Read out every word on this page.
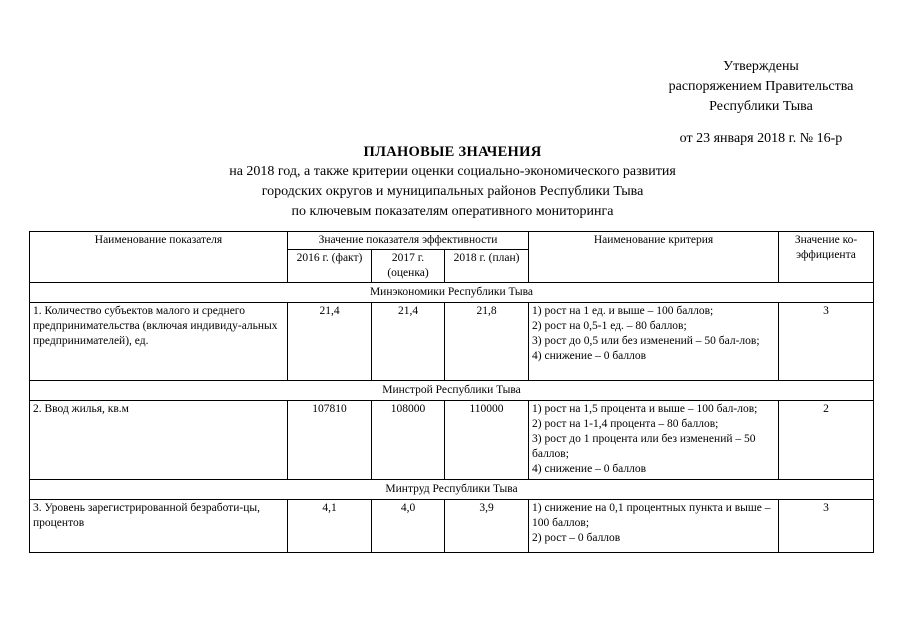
Утверждены
распоряжением Правительства
Республики Тыва
от 23 января 2018 г. № 16-р
ПЛАНОВЫЕ ЗНАЧЕНИЯ
на 2018 год, а также критерии оценки социально-экономического развития
городских округов и муниципальных районов Республики Тыва
по ключевым показателям оперативного мониторинга
Наименование показателя	Значение показателя эффективности			Наименование критерия	Значение ко-эффициента
	2016 г. (факт)	2017 г. (оценка)	2018 г. (план)		
Минэкономики Республики Тыва					
1. Количество субъектов малого и среднего предпринимательства (включая индивиду-альных предпринимателей), ед.	21,4	21,4	21,8	1) рост на 1 ед. и выше – 100 баллов;
2) рост на 0,5-1 ед. – 80 баллов;
3) рост до 0,5 или без изменений – 50 бал-лов;
4) снижение – 0 баллов	3
Минстрой Республики Тыва					
2. Ввод жилья, кв.м	107810	108000	110000	1) рост на 1,5 процента и выше – 100 бал-лов;
2) рост на 1-1,4 процента – 80 баллов;
3) рост до 1 процента или без изменений – 50 баллов;
4) снижение – 0 баллов	2
Минтруд Республики Тыва					
3. Уровень зарегистрированной безработи-цы, процентов	4,1	4,0	3,9	1) снижение на 0,1 процентных пункта и выше – 100 баллов;
2) рост – 0 баллов	3
